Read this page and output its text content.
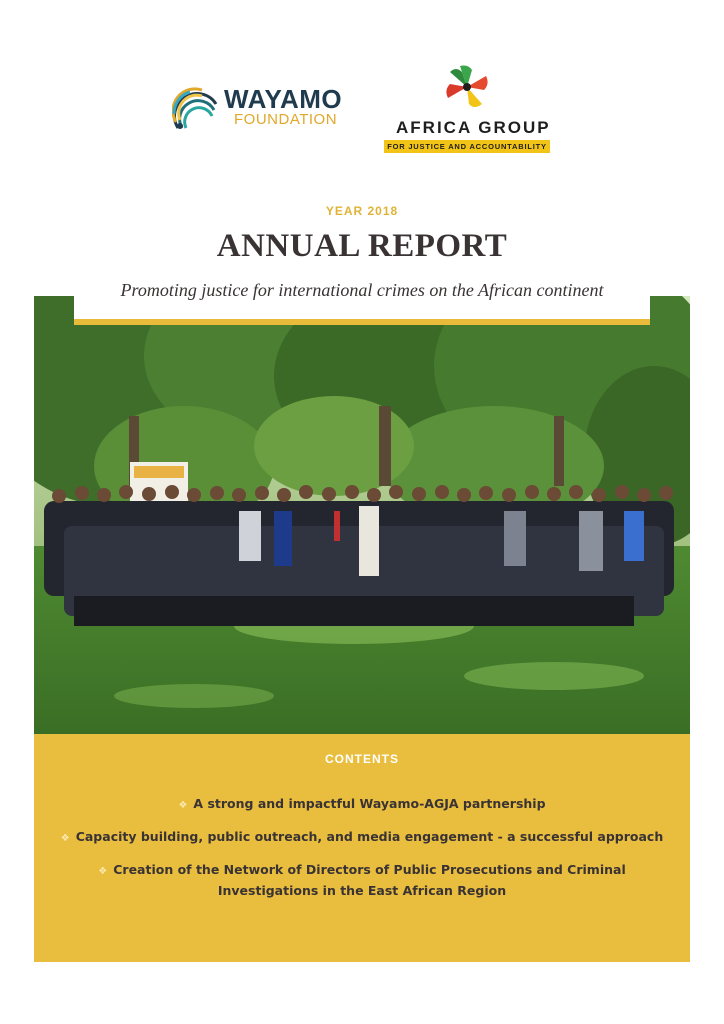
WAYAMO
FOUNDATION	AFRICA GROUP
FOR JUSTICE AND ACCOUNTABILITY
YEAR 2018
ANNUAL REPORT
Promoting justice for international crimes on the African continent
CONTENTS
❖ A strong and impactful Wayamo-AGJA partnership
❖ Capacity building, public outreach, and media engagement - a successful approach
❖ Creation of the Network of Directors of Public Prosecutions and Criminal Investigations in the East African Region
